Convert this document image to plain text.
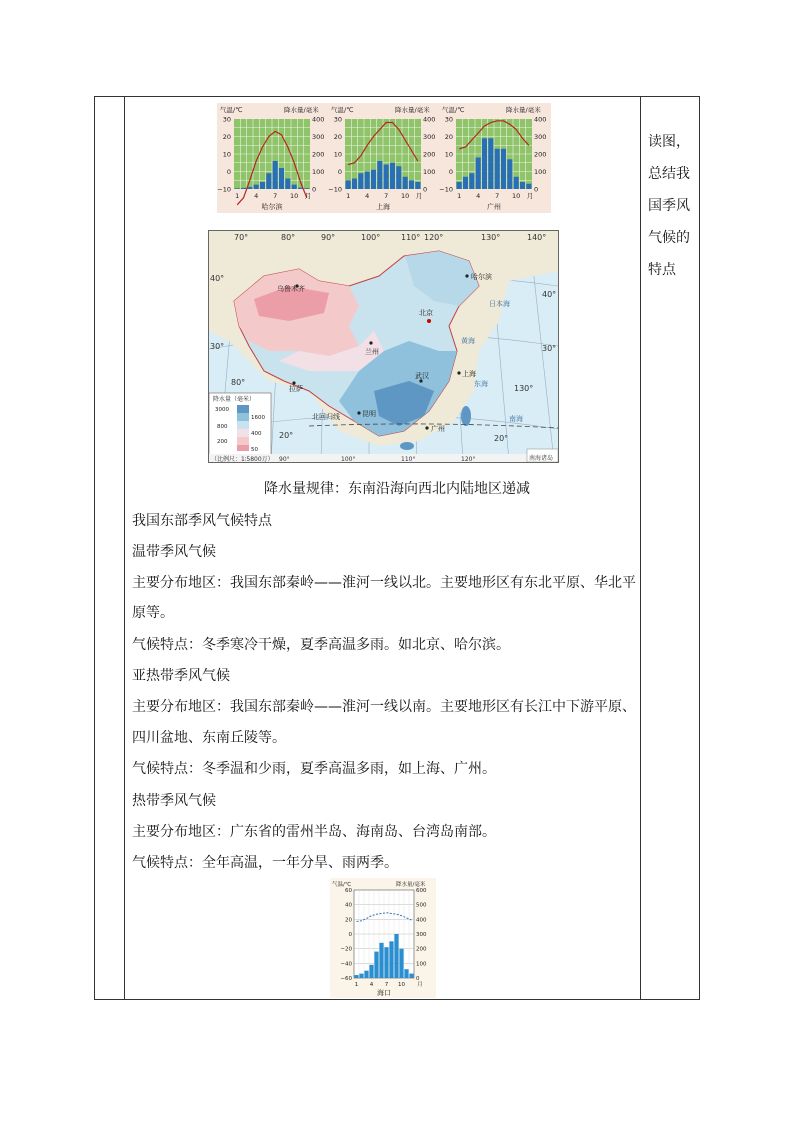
气温/℃	降水量/毫米
30
20
10
0
−10
400
300
200
100
0
1 4 7 10 月
哈尔滨
气温/℃	降水量/毫米
30
20
10
0
−10
400
300
200
100
0
1 4 7 10 月
上海
气温/℃	降水量/毫米
30
20
10
0
−10
400
300
200
100
0
1 4 7 10 月
广州
70°	80°	90°	100°	110° 120°	130°	140°
40°
30°
20°
40°
30°
20°
80°
130°
日本海
黄海
东海
南海
哈尔滨
北京
兰州
上海
武汉
拉萨
广州
昆明
乌鲁木齐
北回归线
降水量（毫米）
3000
1600
800
400
200
50
（比例尺：1∶5800万） 90°	100°	110°	120°	南海诸岛
降水量规律：东南沿海向西北内陆地区递减
我国东部季风气候特点
温带季风气候
主要分布地区：我国东部秦岭——淮河一线以北。主要地形区有东北平原、华北平
原等。
气候特点：冬季寒冷干燥，夏季高温多雨。如北京、哈尔滨。
亚热带季风气候
主要分布地区：我国东部秦岭——淮河一线以南。主要地形区有长江中下游平原、
四川盆地、东南丘陵等。
气候特点：冬季温和少雨，夏季高温多雨，如上海、广州。
热带季风气候
主要分布地区：广东省的雷州半岛、海南岛、台湾岛南部。
气候特点：全年高温，一年分旱、雨两季。
气温/℃	降水量/毫米
60
40
20
0
−20
−40
−60
600
500
400
300
200
100
0
1 4 7 10 月
海口
读图，
总结我
国季风
气候的
特点
